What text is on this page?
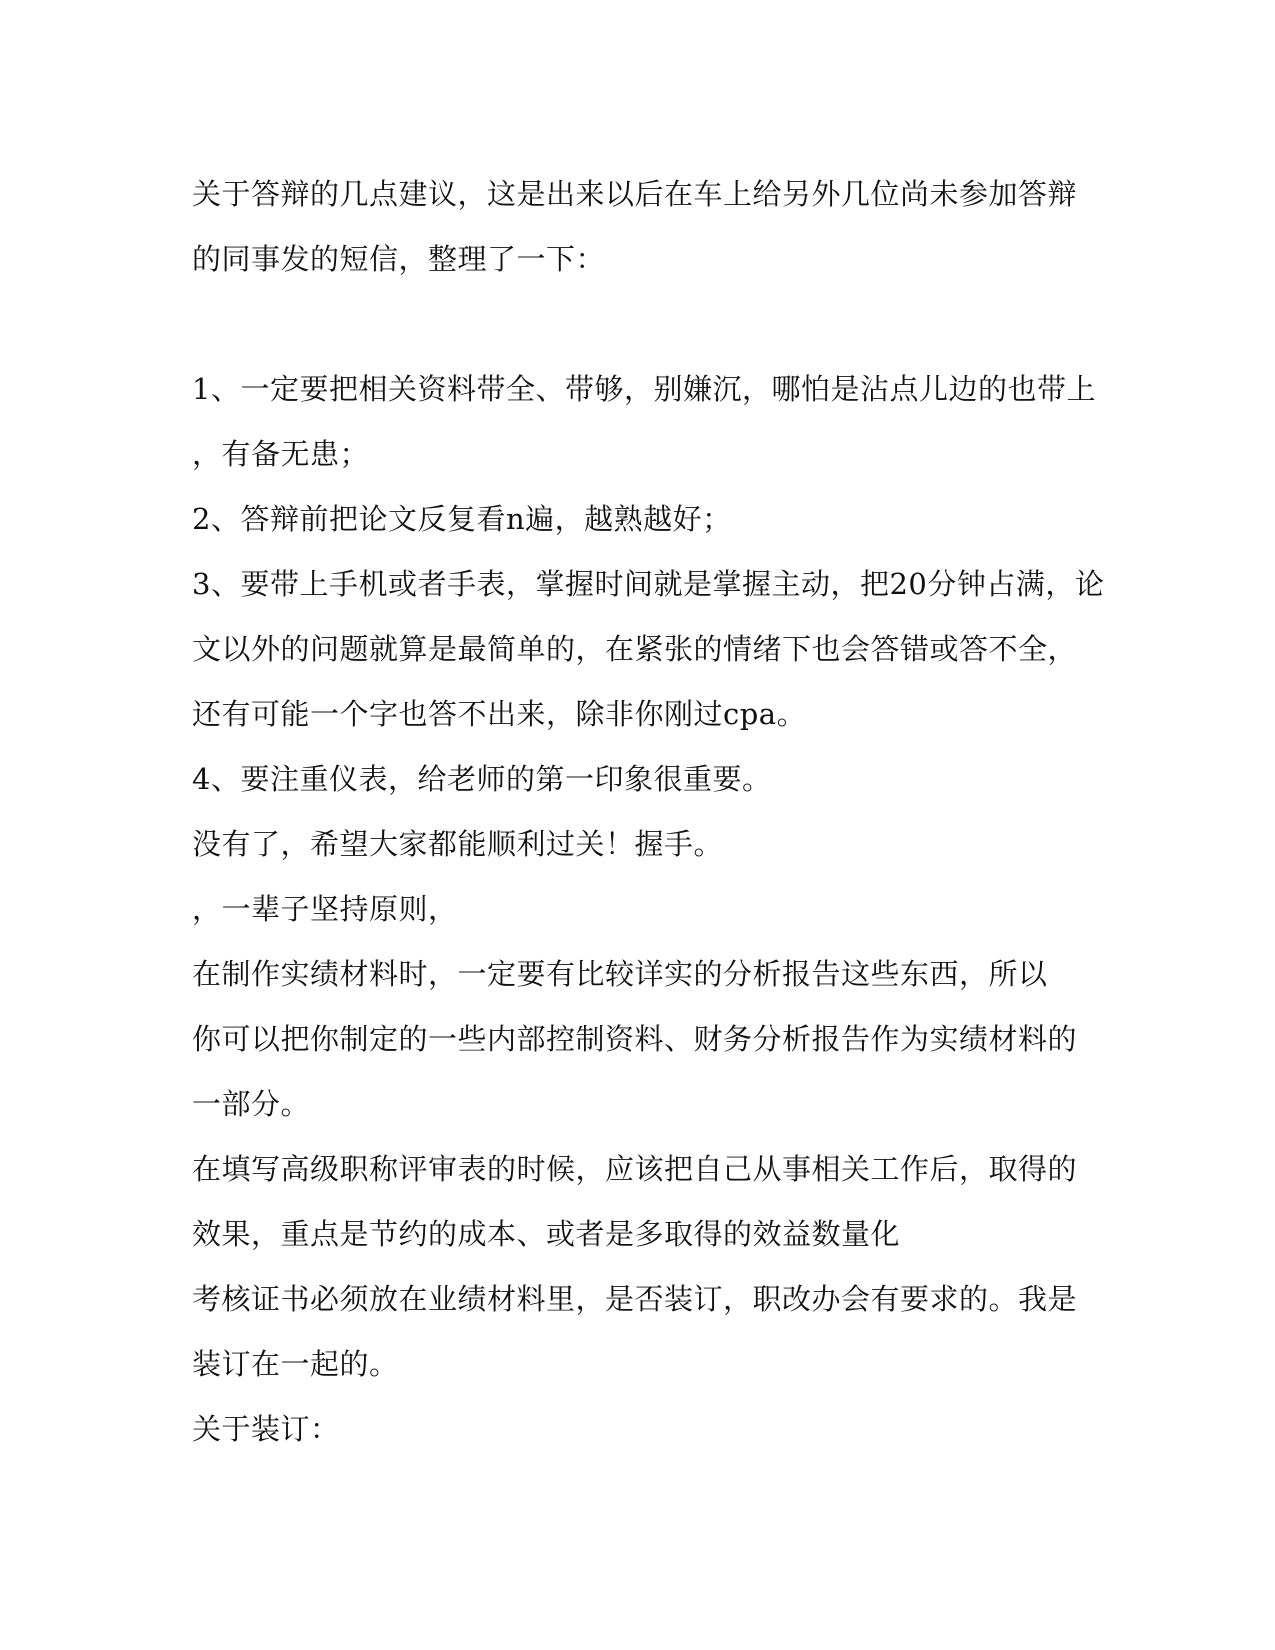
关于答辩的几点建议，这是出来以后在车上给另外几位尚未参加答辩
的同事发的短信，整理了一下：
1、一定要把相关资料带全、带够，别嫌沉，哪怕是沾点儿边的也带上
，有备无患；
2、答辩前把论文反复看n遍，越熟越好；
3、要带上手机或者手表，掌握时间就是掌握主动，把20分钟占满，论
文以外的问题就算是最简单的，在紧张的情绪下也会答错或答不全，
还有可能一个字也答不出来，除非你刚过cpa。
4、要注重仪表，给老师的第一印象很重要。
没有了，希望大家都能顺利过关！握手。
，一辈子坚持原则，
在制作实绩材料时，一定要有比较详实的分析报告这些东西，所以
你可以把你制定的一些内部控制资料、财务分析报告作为实绩材料的
一部分。
在填写高级职称评审表的时候，应该把自己从事相关工作后，取得的
效果，重点是节约的成本、或者是多取得的效益数量化
考核证书必须放在业绩材料里，是否装订，职改办会有要求的。我是
装订在一起的。
关于装订：
